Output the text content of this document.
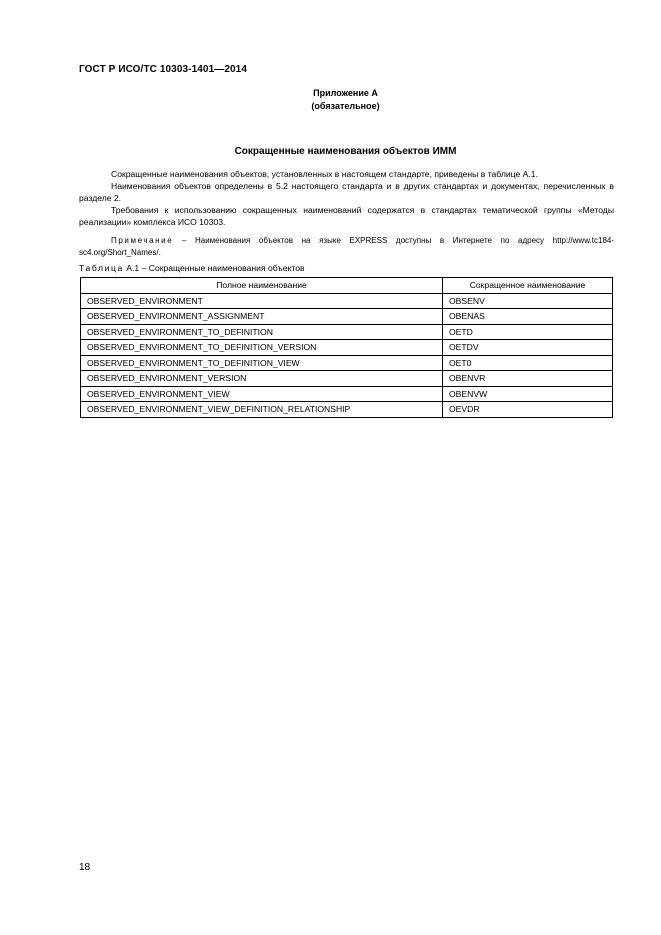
ГОСТ Р ИСО/ТС 10303-1401—2014
Приложение А
(обязательное)
Сокращенные наименования объектов ИММ
Сокращенные наименования объектов, установленных в настоящем стандарте, приведены в таблице А.1.
Наименования объектов определены в 5.2 настоящего стандарта и в других стандартах и документах, перечисленных в разделе 2.
Требования к использованию сокращенных наименований содержатся в стандартах тематической группы «Методы реализации» комплекса ИСО 10303.
Примечание – Наименования объектов на языке EXPRESS доступны в Интернете по адресу http://www.tc184-sc4.org/Short_Names/.
Таблица А.1 – Сокращенные наименования объектов
Полное наименование	Сокращенное наименование
OBSERVED_ENVIRONMENT	OBSENV
OBSERVED_ENVIRONMENT_ASSIGNMENT	OBENAS
OBSERVED_ENVIRONMENT_TO_DEFINITION	OETD
OBSERVED_ENVIRONMENT_TO_DEFINITION_VERSION	OETDV
OBSERVED_ENVIRONMENT_TO_DEFINITION_VIEW	OET0
OBSERVED_ENVIRONMENT_VERSION	OBENVR
OBSERVED_ENVIRONMENT_VIEW	OBENVW
OBSERVED_ENVIRONMENT_VIEW_DEFINITION_RELATIONSHIP	OEVDR
18
